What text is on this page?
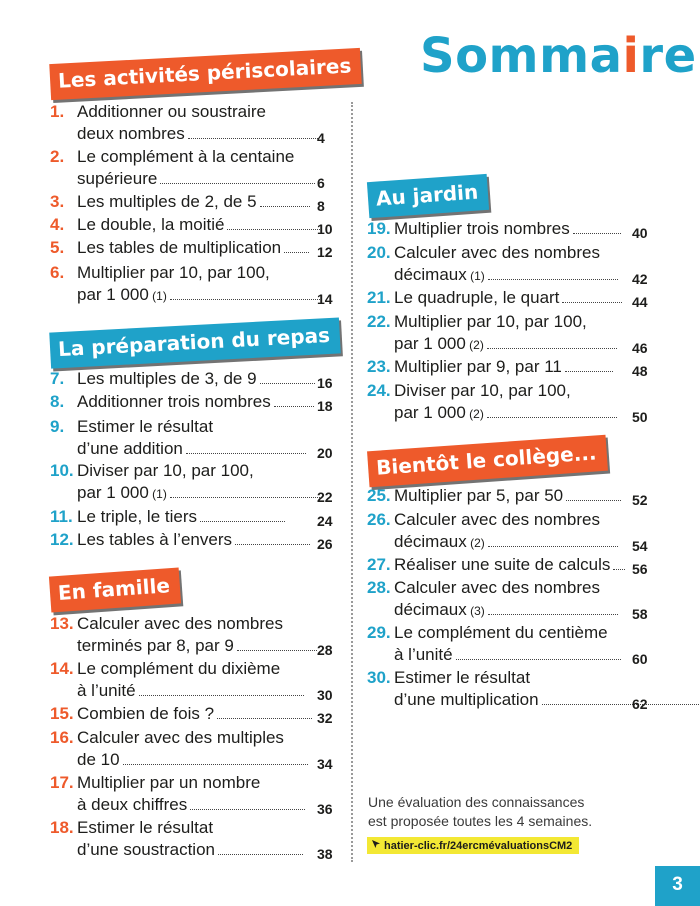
Sommaire
Les activités périscolaires
La préparation du repas
En famille
Au jardin
Bientôt le collège...
1. Additionner ou soustraire
deux nombres	4
2. Le complément à la centaine
supérieure	6
3. Les multiples de 2, de 5	8
4. Le double, la moitié	10
5. Les tables de multiplication	12
6. Multiplier par 10, par 100,
par 1 000 (1)	14
7. Les multiples de 3, de 9	16
8. Additionner trois nombres	18
9. Estimer le résultat
d’une addition	20
10. Diviser par 10, par 100,
par 1 000 (1)	22
11. Le triple, le tiers	24
12. Les tables à l’envers	26
13. Calculer avec des nombres
terminés par 8, par 9	28
14. Le complément du dixième
à l’unité	30
15. Combien de fois ?	32
16. Calculer avec des multiples
de 10	34
17. Multiplier par un nombre
à deux chiffres	36
18. Estimer le résultat
d’une soustraction	38
19. Multiplier trois nombres	40
20. Calculer avec des nombres
décimaux (1)	42
21. Le quadruple, le quart	44
22. Multiplier par 10, par 100,
par 1 000 (2)	46
23. Multiplier par 9, par 11	48
24. Diviser par 10, par 100,
par 1 000 (2)	50
25. Multiplier par 5, par 50	52
26. Calculer avec des nombres
décimaux (2)	54
27. Réaliser une suite de calculs	56
28. Calculer avec des nombres
décimaux (3)	58
29. Le complément du centième
à l’unité	60
30. Estimer le résultat
d’une multiplication	62
Une évaluation des connaissances
est proposée toutes les 4 semaines.
hatier-clic.fr/24ercmévaluationsCM2
3
